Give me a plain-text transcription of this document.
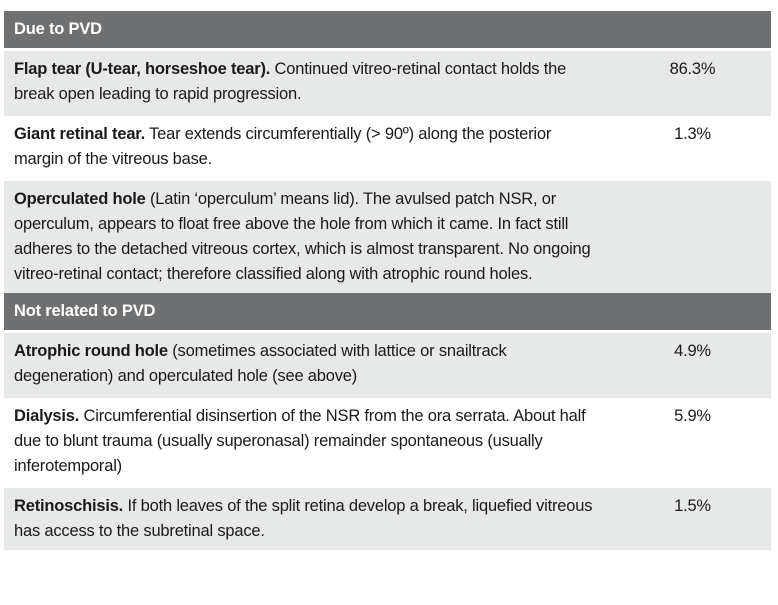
Due to PVD
Flap tear (U-tear, horseshoe tear). Continued vitreo-retinal contact holds the break open leading to rapid progression.
86.3%
Giant retinal tear. Tear extends circumferentially (> 90º) along the posterior margin of the vitreous base.
1.3%
Operculated hole (Latin ‘operculum’ means lid). The avulsed patch NSR, or operculum, appears to float free above the hole from which it came. In fact still adheres to the detached vitreous cortex, which is almost transparent. No ongoing vitreo-retinal contact; therefore classified along with atrophic round holes.
Not related to PVD
Atrophic round hole (sometimes associated with lattice or snailtrack degeneration) and operculated hole (see above)
4.9%
Dialysis. Circumferential disinsertion of the NSR from the ora serrata. About half due to blunt trauma (usually superonasal) remainder spontaneous (usually inferotemporal)
5.9%
Retinoschisis. If both leaves of the split retina develop a break, liquefied vitreous has access to the subretinal space.
1.5%
